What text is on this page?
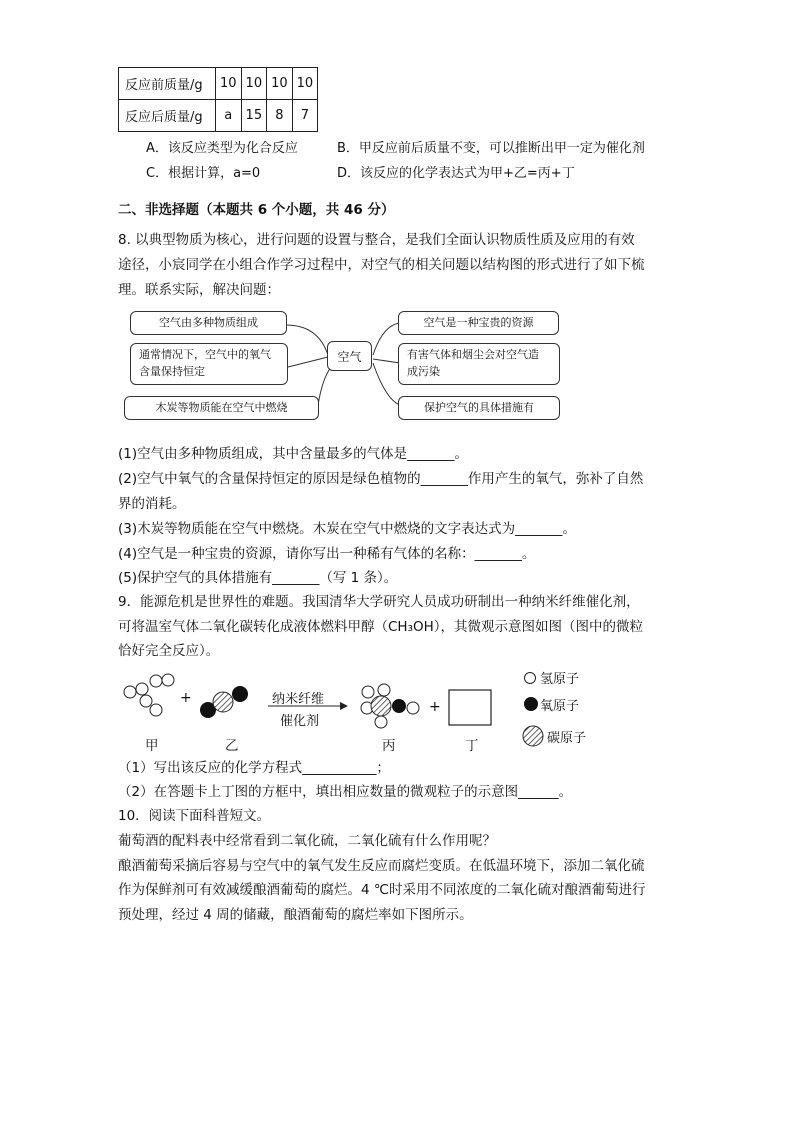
反应前质量/g	10	10	10	10
反应后质量/g	a	15	8	7
A．该反应类型为化合反应	B．甲反应前后质量不变，可以推断出甲一定为催化剂
C．根据计算，a=0	D．该反应的化学表达式为甲+乙=丙+丁
二、非选择题（本题共 6 个小题，共 46 分）
8. 以典型物质为核心，进行问题的设置与整合，是我们全面认识物质性质及应用的有效
途径，小宸同学在小组合作学习过程中，对空气的相关问题以结构图的形式进行了如下梳
理。联系实际，解决问题：
空气由多种物质组成
通常情况下，空气中的氧气
含量保持恒定
木炭等物质能在空气中燃烧
空气
空气是一种宝贵的资源
有害气体和烟尘会对空气造
成污染
保护空气的具体措施有
(1)空气由多种物质组成，其中含量最多的气体是_______。
(2)空气中氧气的含量保持恒定的原因是绿色植物的_______作用产生的氧气，弥补了自然
界的消耗。
(3)木炭等物质能在空气中燃烧。木炭在空气中燃烧的文字表达式为_______。
(4)空气是一种宝贵的资源，请你写出一种稀有气体的名称：_______。
(5)保护空气的具体措施有_______（写 1 条）。
9．能源危机是世界性的难题。我国清华大学研究人员成功研制出一种纳米纤维催化剂，
可将温室气体二氧化碳转化成液体燃料甲醇（CH₃OH），其微观示意图如图（图中的微粒
恰好完全反应）。
+
+
纳米纤维
催化剂
氢原子
氧原子
碳原子
甲	乙	丙	丁
（1）写出该反应的化学方程式___________；
（2）在答题卡上丁图的方框中，填出相应数量的微观粒子的示意图______。
10．阅读下面科普短文。
葡萄酒的配料表中经常看到二氧化硫，二氧化硫有什么作用呢？
酿酒葡萄采摘后容易与空气中的氧气发生反应而腐烂变质。在低温环境下，添加二氧化硫
作为保鲜剂可有效减缓酿酒葡萄的腐烂。4 ℃时采用不同浓度的二氧化硫对酿酒葡萄进行
预处理，经过 4 周的储藏，酿酒葡萄的腐烂率如下图所示。
